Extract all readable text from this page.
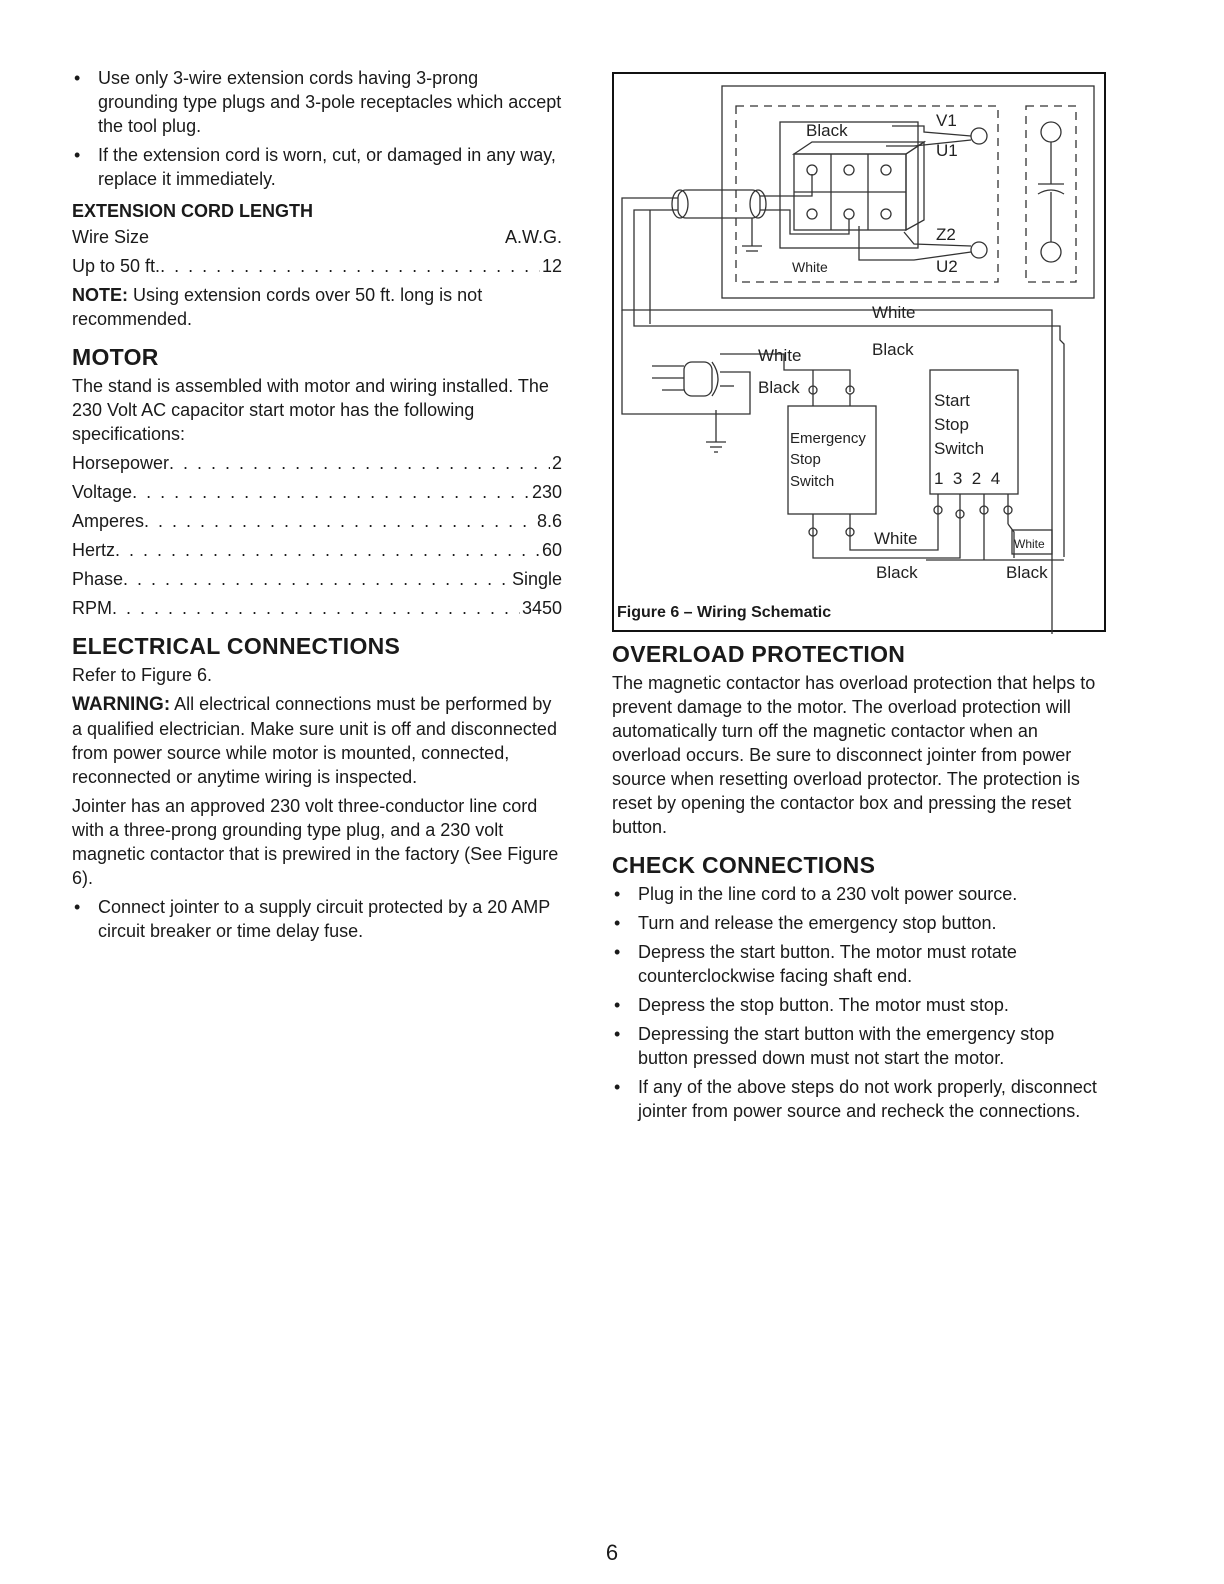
• Use only 3-wire extension cords having 3-prong grounding type plugs and 3-pole receptacles which accept the tool plug.
• If the extension cord is worn, cut, or damaged in any way, replace it immediately.
EXTENSION CORD LENGTH
Wire Size	A.W.G.
Up to 50 ft. . . .	12

NOTE: Using extension cords over 50 ft. long is not recommended.

MOTOR

The stand is assembled with motor and wiring installed. The 230 Volt AC capacitor start motor has the following specifications:

Horsepower . . .	2
Voltage . . .	230
Amperes . . .	8.6
Hertz . . .	60
Phase . . .	Single
RPM . . .	3450
ELECTRICAL CONNECTIONS

Refer to Figure 6.

WARNING: All electrical connections must be performed by a qualified electrician. Make sure unit is off and disconnected from power source while motor is mounted, connected, reconnected or anytime wiring is inspected.

Jointer has an approved 230 volt three-conductor line cord with a three-prong grounding type plug, and a 230 volt magnetic contactor that is prewired in the factory (See Figure 6).

• Connect jointer to a supply circuit protected by a 20 AMP circuit breaker or time delay fuse.
Black
V1
U1
Z2
U2
White
White
White	Black
Black
Emergency
Stop
Switch
Start
Stop
Switch
1  3  2  4
White	White
Black	Black
Figure 6 – Wiring Schematic
OVERLOAD PROTECTION

The magnetic contactor has overload protection that helps to prevent damage to the motor. The overload protection will automatically turn off the magnetic contactor when an overload occurs. Be sure to disconnect jointer from power source when resetting overload protector. The protection is reset by opening the contactor box and pressing the reset button.

CHECK CONNECTIONS
• Plug in the line cord to a 230 volt power source.
• Turn and release the emergency stop button.
• Depress the start button. The motor must rotate counterclockwise facing shaft end.
• Depress the stop button. The motor must stop.
• Depressing the start button with the emergency stop button pressed down must not start the motor.
• If any of the above steps do not work properly, disconnect jointer from power source and recheck the connections.
6
